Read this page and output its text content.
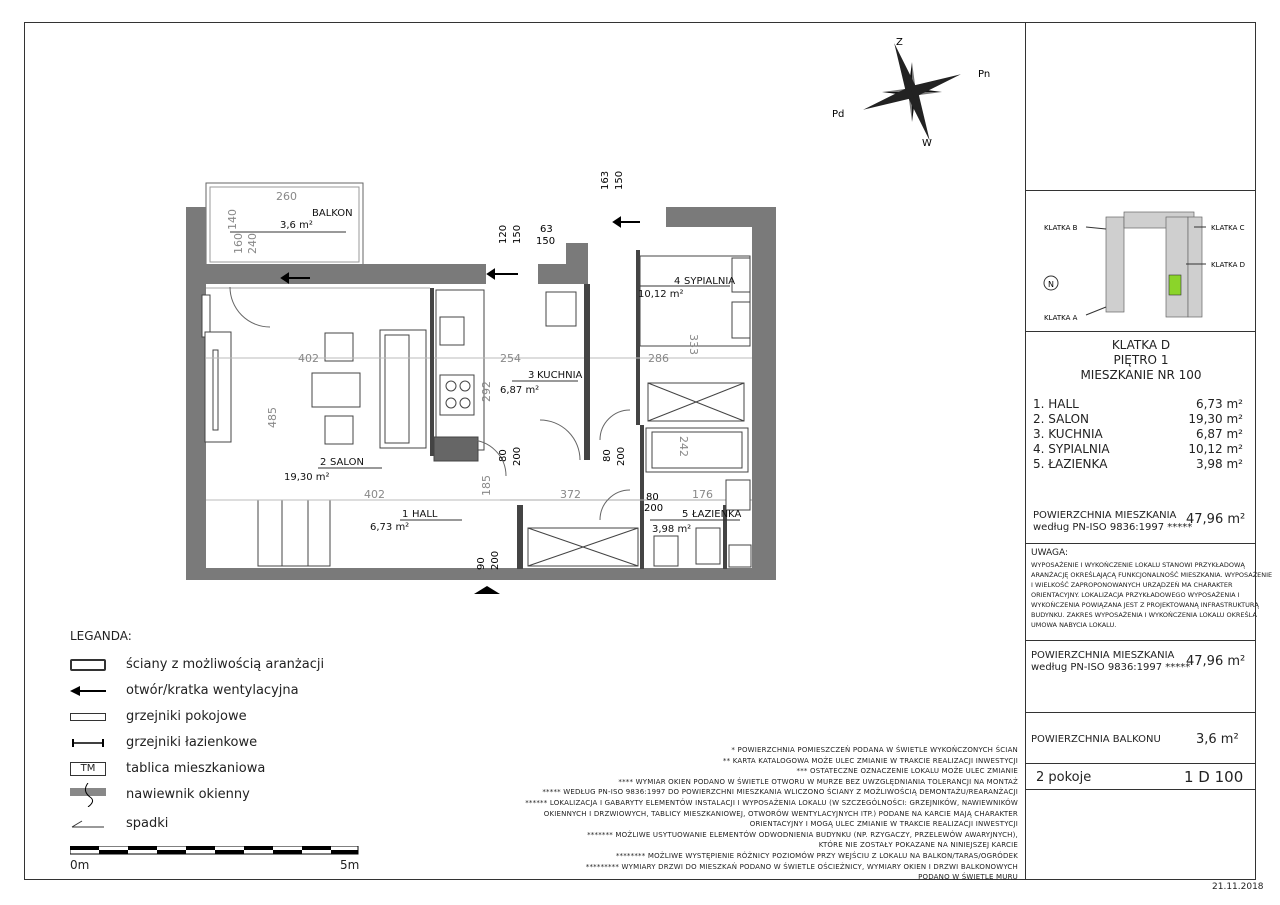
Z
Pn
Pd
W
BALKON
3,6 m²
260
140
160 240
2 SALON
19,30 m²
1 HALL
6,73 m²
3 KUCHNIA
6,87 m²
4 SYPIALNIA
10,12 m²
5 ŁAZIENKA
3,98 m²
402	254	286
485
292
333
402	372	176
185
242
120 150 63
150
163 150
80 200	80 200
80
200
90 200
LEGANDA:
ściany z możliwością aranżacji
otwór/kratka wentylacyjna
grzejniki pokojowe
grzejniki łazienkowe
TM	tablica mieszkaniowa
nawiewnik okienny
spadki
0m	5m
* POWIERZCHNIA POMIESZCZEŃ PODANA W ŚWIETLE WYKOŃCZONYCH ŚCIAN
** KARTA KATALOGOWA MOŻE ULEC ZMIANIE W TRAKCIE REALIZACJI INWESTYCJI
*** OSTATECZNE OZNACZENIE LOKALU MOŻE ULEC ZMIANIE
**** WYMIAR OKIEN PODANO W ŚWIETLE OTWORU W MURZE BEZ UWZGLĘDNIANIA TOLERANCJI NA MONTAŻ
***** WEDŁUG PN-ISO 9836:1997 DO POWIERZCHNI MIESZKANIA WLICZONO ŚCIANY Z MOŻLIWOŚCIĄ DEMONTAŻU/REARANŻACJI
****** LOKALIZACJA I GABARYTY ELEMENTÓW INSTALACJI I WYPOSAŻENIA LOKALU (W SZCZEGÓLNOŚCI: GRZEJNIKÓW, NAWIEWNIKÓW
OKIENNYCH I DRZWIOWYCH, TABLICY MIESZKANIOWEJ, OTWORÓW WENTYLACYJNYCH ITP.) PODANE NA KARCIE MAJĄ CHARAKTER
ORIENTACYJNY I MOGĄ ULEC ZMIANIE W TRAKCIE REALIZACJI INWESTYCJI
******* MOŻLIWE USYTUOWANIE ELEMENTÓW ODWODNIENIA BUDYNKU (NP. RZYGACZY, PRZELEWÓW AWARYJNYCH),
KTÓRE NIE ZOSTAŁY POKAZANE NA NINIEJSZEJ KARCIE
******** MOŻLIWE WYSTĘPIENIE RÓŻNICY POZIOMÓW PRZY WEJŚCIU Z LOKALU NA BALKON/TARAS/OGRÓDEK
********* WYMIARY DRZWI DO MIESZKAŃ PODANO W ŚWIETLE OŚCIEŻNICY, WYMIARY OKIEN I DRZWI BALKONOWYCH
PODANO W ŚWIETLE MURU
N
KLATKA B
KLATKA A
KLATKA C
KLATKA D
KLATKA D
PIĘTRO 1
MIESZKANIE NR 100
1. HALL	6,73 m²
2. SALON	19,30 m²
3. KUCHNIA	6,87 m²
4. SYPIALNIA	10,12 m²
5. ŁAZIENKA	3,98 m²
POWIERZCHNIA MIESZKANIA
według PN-ISO 9836:1997 *****
47,96 m²
UWAGA:
WYPOSAŻENIE I WYKOŃCZENIE LOKALU STANOWI PRZYKŁADOWĄ
ARANŻACJĘ OKREŚLAJĄCĄ FUNKCJONALNOŚĆ MIESZKANIA. WYPOSAŻENIE
I WIELKOŚĆ ZAPROPONOWANYCH URZĄDZEŃ MA CHARAKTER
ORIENTACYJNY. LOKALIZACJA PRZYKŁADOWEGO WYPOSAŻENIA I
WYKOŃCZENIA POWIĄZANA JEST Z PROJEKTOWANĄ INFRASTRUKTURĄ
BUDYNKU. ZAKRES WYPOSAŻENIA I WYKOŃCZENIA LOKALU OKREŚLA
UMOWA NABYCIA LOKALU.
POWIERZCHNIA MIESZKANIA
według PN-ISO 9836:1997 *****
47,96 m²
POWIERZCHNIA BALKONU	3,6 m²
2 pokoje	1 D 100
21.11.2018
